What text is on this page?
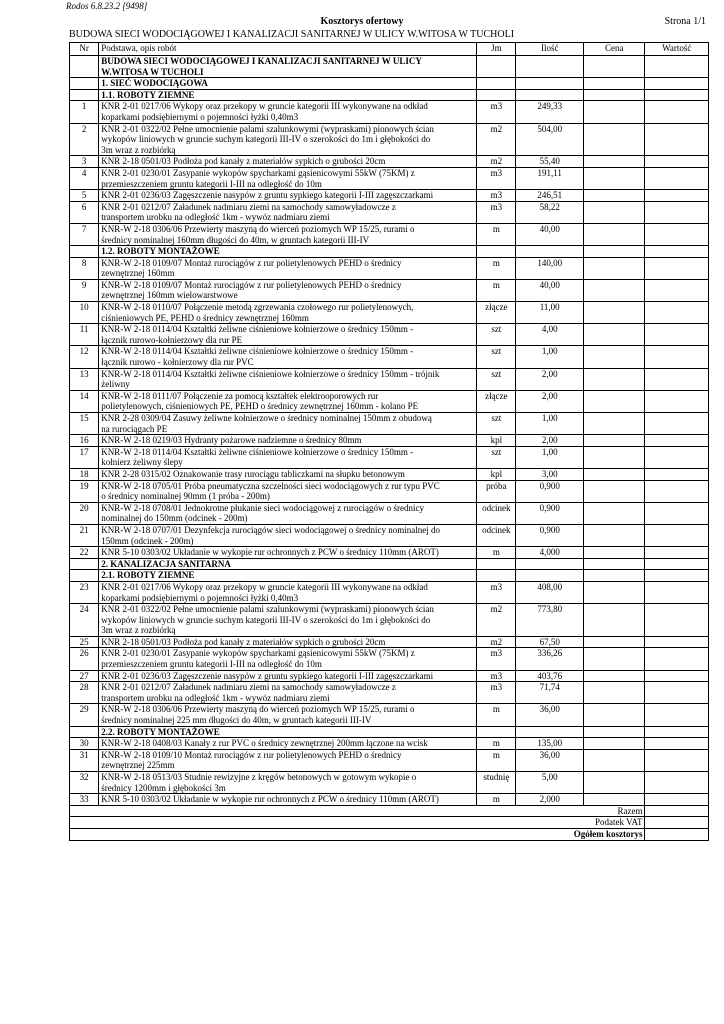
Rodos 6.8.23.2 [9498]
Kosztorys ofertowy	Strona 1/1
BUDOWA SIECI WODOCIĄGOWEJ I KANALIZACJI SANITARNEJ W ULICY W.WITOSA W TUCHOLI
Nr	Podstawa, opis robót	Jm	Ilość	Cena	Wartość
	BUDOWA SIECI WODOCIĄGOWEJ I KANALIZACJI SANITARNEJ W ULICY
W.WITOSA W TUCHOLI				
	1. SIEĆ WODOCIĄGOWA				
	1.1. ROBOTY ZIEMNE				
1	KNR 2-01 0217/06 Wykopy oraz przekopy w gruncie kategorii III wykonywane na odkład
koparkami podsiębiernymi o pojemności łyżki 0,40m3	m3	249,33		
2	KNR 2-01 0322/02 Pełne umocnienie palami szalunkowymi (wypraskami) pionowych ścian
wykopów liniowych w gruncie suchym kategorii III-IV o szerokości do 1m i głębokości do
3m wraz z rozbiórką	m2	504,00		
3	KNR 2-18 0501/03 Podłoża pod kanały z materiałów sypkich o grubości 20cm	m2	55,40		
4	KNR 2-01 0230/01 Zasypanie wykopów spycharkami gąsienicowymi 55kW (75KM) z
przemieszczeniem gruntu kategorii I-III na odległość do 10m	m3	191,11		
5	KNR 2-01 0236/03 Zagęszczenie nasypów z gruntu sypkiego kategorii I-III zagęszczarkami	m3	246,51		
6	KNR 2-01 0212/07 Załadunek nadmiaru ziemi na samochody samowyładowcze z
transportem urobku na odległość 1km - wywóz nadmiaru ziemi	m3	58,22		
7	KNR-W 2-18 0306/06 Przewierty maszyną do wierceń poziomych WP 15/25, rurami o
średnicy nominalnej 160mm długości do 40m, w gruntach kategorii III-IV	m	40,00		
	1.2. ROBOTY MONTAŻOWE				
8	KNR-W 2-18 0109/07 Montaż rurociągów z rur polietylenowych PEHD o średnicy
zewnętrznej 160mm	m	140,00		
9	KNR-W 2-18 0109/07 Montaż rurociągów z rur polietylenowych PEHD o średnicy
zewnętrznej 160mm wielowarstwowe	m	40,00		
10	KNR-W 2-18 0110/07 Połączenie metodą zgrzewania czołowego rur polietylenowych,
ciśnieniowych PE, PEHD o średnicy zewnętrznej 160mm	złącze	11,00		
11	KNR-W 2-18 0114/04 Kształtki żeliwne ciśnieniowe kołnierzowe o średnicy 150mm -
łącznik rurowo-kołnierzowy dla rur PE	szt	4,00		
12	KNR-W 2-18 0114/04 Kształtki żeliwne ciśnieniowe kołnierzowe o średnicy 150mm -
łącznik rurowo - kołnierzowy dla rur PVC	szt	1,00		
13	KNR-W 2-18 0114/04 Kształtki żeliwne ciśnieniowe kołnierzowe o średnicy 150mm - trójnik
żeliwny	szt	2,00		
14	KNR-W 2-18 0111/07 Połączenie za pomocą kształtek elektrooporowych rur
polietylenowych, ciśnieniowych PE, PEHD o średnicy zewnętrznej 160mm - kolano PE	złącze	2,00		
15	KNR 2-28 0309/04 Zasuwy żeliwne kołnierzowe o średnicy nominalnej 150mm z obudową
na rurociągach PE	szt	1,00		
16	KNR-W 2-18 0219/03 Hydranty pożarowe nadziemne o średnicy 80mm	kpl	2,00		
17	KNR-W 2-18 0114/04 Kształtki żeliwne ciśnieniowe kołnierzowe o średnicy 150mm -
kołnierz żeliwny ślepy	szt	1,00		
18	KNR 2-28 0315/02 Oznakowanie trasy rurociągu tabliczkami na słupku betonowym	kpl	3,00		
19	KNR-W 2-18 0705/01 Próba pneumatyczna szczelności sieci wodociągowych z rur typu PVC
o średnicy nominalnej 90mm (1 próba - 200m)	próba	0,900		
20	KNR-W 2-18 0708/01 Jednokrotne płukanie sieci wodociągowej z rurociągów o średnicy
nominalnej do 150mm (odcinek - 200m)	odcinek	0,900		
21	KNR-W 2-18 0707/01 Dezynfekcja rurociągów sieci wodociągowej o średnicy nominalnej do
150mm (odcinek - 200m)	odcinek	0,900		
22	KNR 5-10 0303/02 Układanie w wykopie rur ochronnych z PCW o średnicy 110mm (AROT)	m	4,000		
	2. KANALIZACJA SANITARNA				
	2.1. ROBOTY ZIEMNE				
23	KNR 2-01 0217/06 Wykopy oraz przekopy w gruncie kategorii III wykonywane na odkład
koparkami podsiębiernymi o pojemności łyżki 0,40m3	m3	408,00		
24	KNR 2-01 0322/02 Pełne umocnienie palami szalunkowymi (wypraskami) pionowych ścian
wykopów liniowych w gruncie suchym kategorii III-IV o szerokości do 1m i głębokości do
3m wraz z rozbiórką	m2	773,80		
25	KNR 2-18 0501/03 Podłoża pod kanały z materiałów sypkich o grubości 20cm	m2	67,50		
26	KNR 2-01 0230/01 Zasypanie wykopów spycharkami gąsienicowymi 55kW (75KM) z
przemieszczeniem gruntu kategorii I-III na odległość do 10m	m3	336,26		
27	KNR 2-01 0236/03 Zagęszczenie nasypów z gruntu sypkiego kategorii I-III zagęszczarkami	m3	403,76		
28	KNR 2-01 0212/07 Załadunek nadmiaru ziemi na samochody samowyładowcze z
transportem urobku na odległość 1km - wywóz nadmiaru ziemi	m3	71,74		
29	KNR-W 2-18 0306/06 Przewierty maszyną do wierceń poziomych WP 15/25, rurami o
średnicy nominalnej 225 mm długości do 40m, w gruntach kategorii III-IV	m	36,00		
	2.2. ROBOTY MONTAŻOWE				
30	KNR-W 2-18 0408/03 Kanały z rur PVC o średnicy zewnętrznej 200mm łączone na wcisk	m	135,00		
31	KNR-W 2-18 0109/10 Montaż rurociągów z rur polietylenowych PEHD o średnicy
zewnętrznej 225mm	m	36,00		
32	KNR-W 2-18 0513/03 Studnie rewizyjne z kręgów betonowych w gotowym wykopie o
średnicy 1200mm i głębokości 3m	studnię	5,00		
33	KNR 5-10 0303/02 Układanie w wykopie rur ochronnych z PCW o średnicy 110mm (AROT)	m	2,000		
Razem					
Podatek VAT					
Ogółem kosztorys					
